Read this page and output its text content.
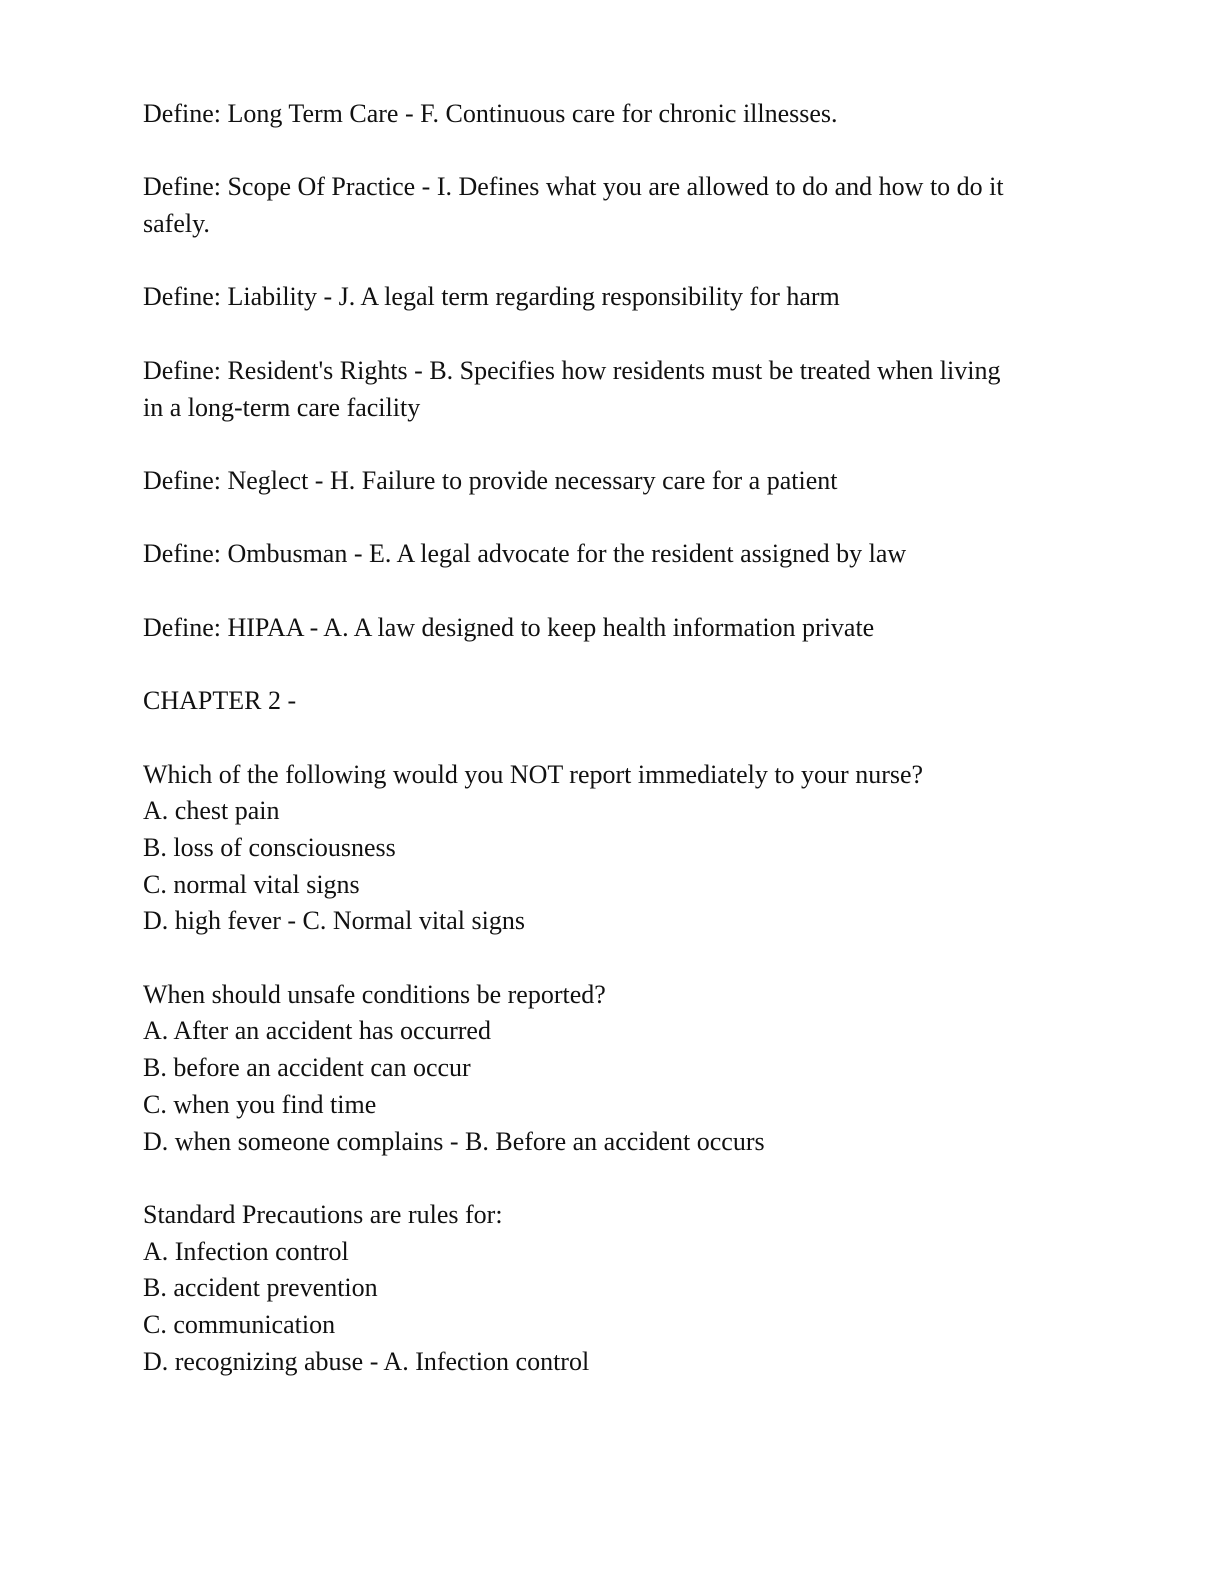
Define: Long Term Care - F. Continuous care for chronic illnesses.

Define: Scope Of Practice - I. Defines what you are allowed to do and how to do it

safely.

Define: Liability - J. A legal term regarding responsibility for harm

Define: Resident's Rights - B. Specifies how residents must be treated when living

in a long-term care facility

Define: Neglect - H. Failure to provide necessary care for a patient

Define: Ombusman - E. A legal advocate for the resident assigned by law

Define: HIPAA - A. A law designed to keep health information private

CHAPTER 2 -

Which of the following would you NOT report immediately to your nurse?

A. chest pain

B. loss of consciousness

C. normal vital signs

D. high fever - C. Normal vital signs

When should unsafe conditions be reported?

A. After an accident has occurred

B. before an accident can occur

C. when you find time

D. when someone complains - B. Before an accident occurs

Standard Precautions are rules for:

A. Infection control

B. accident prevention

C. communication

D. recognizing abuse - A. Infection control
